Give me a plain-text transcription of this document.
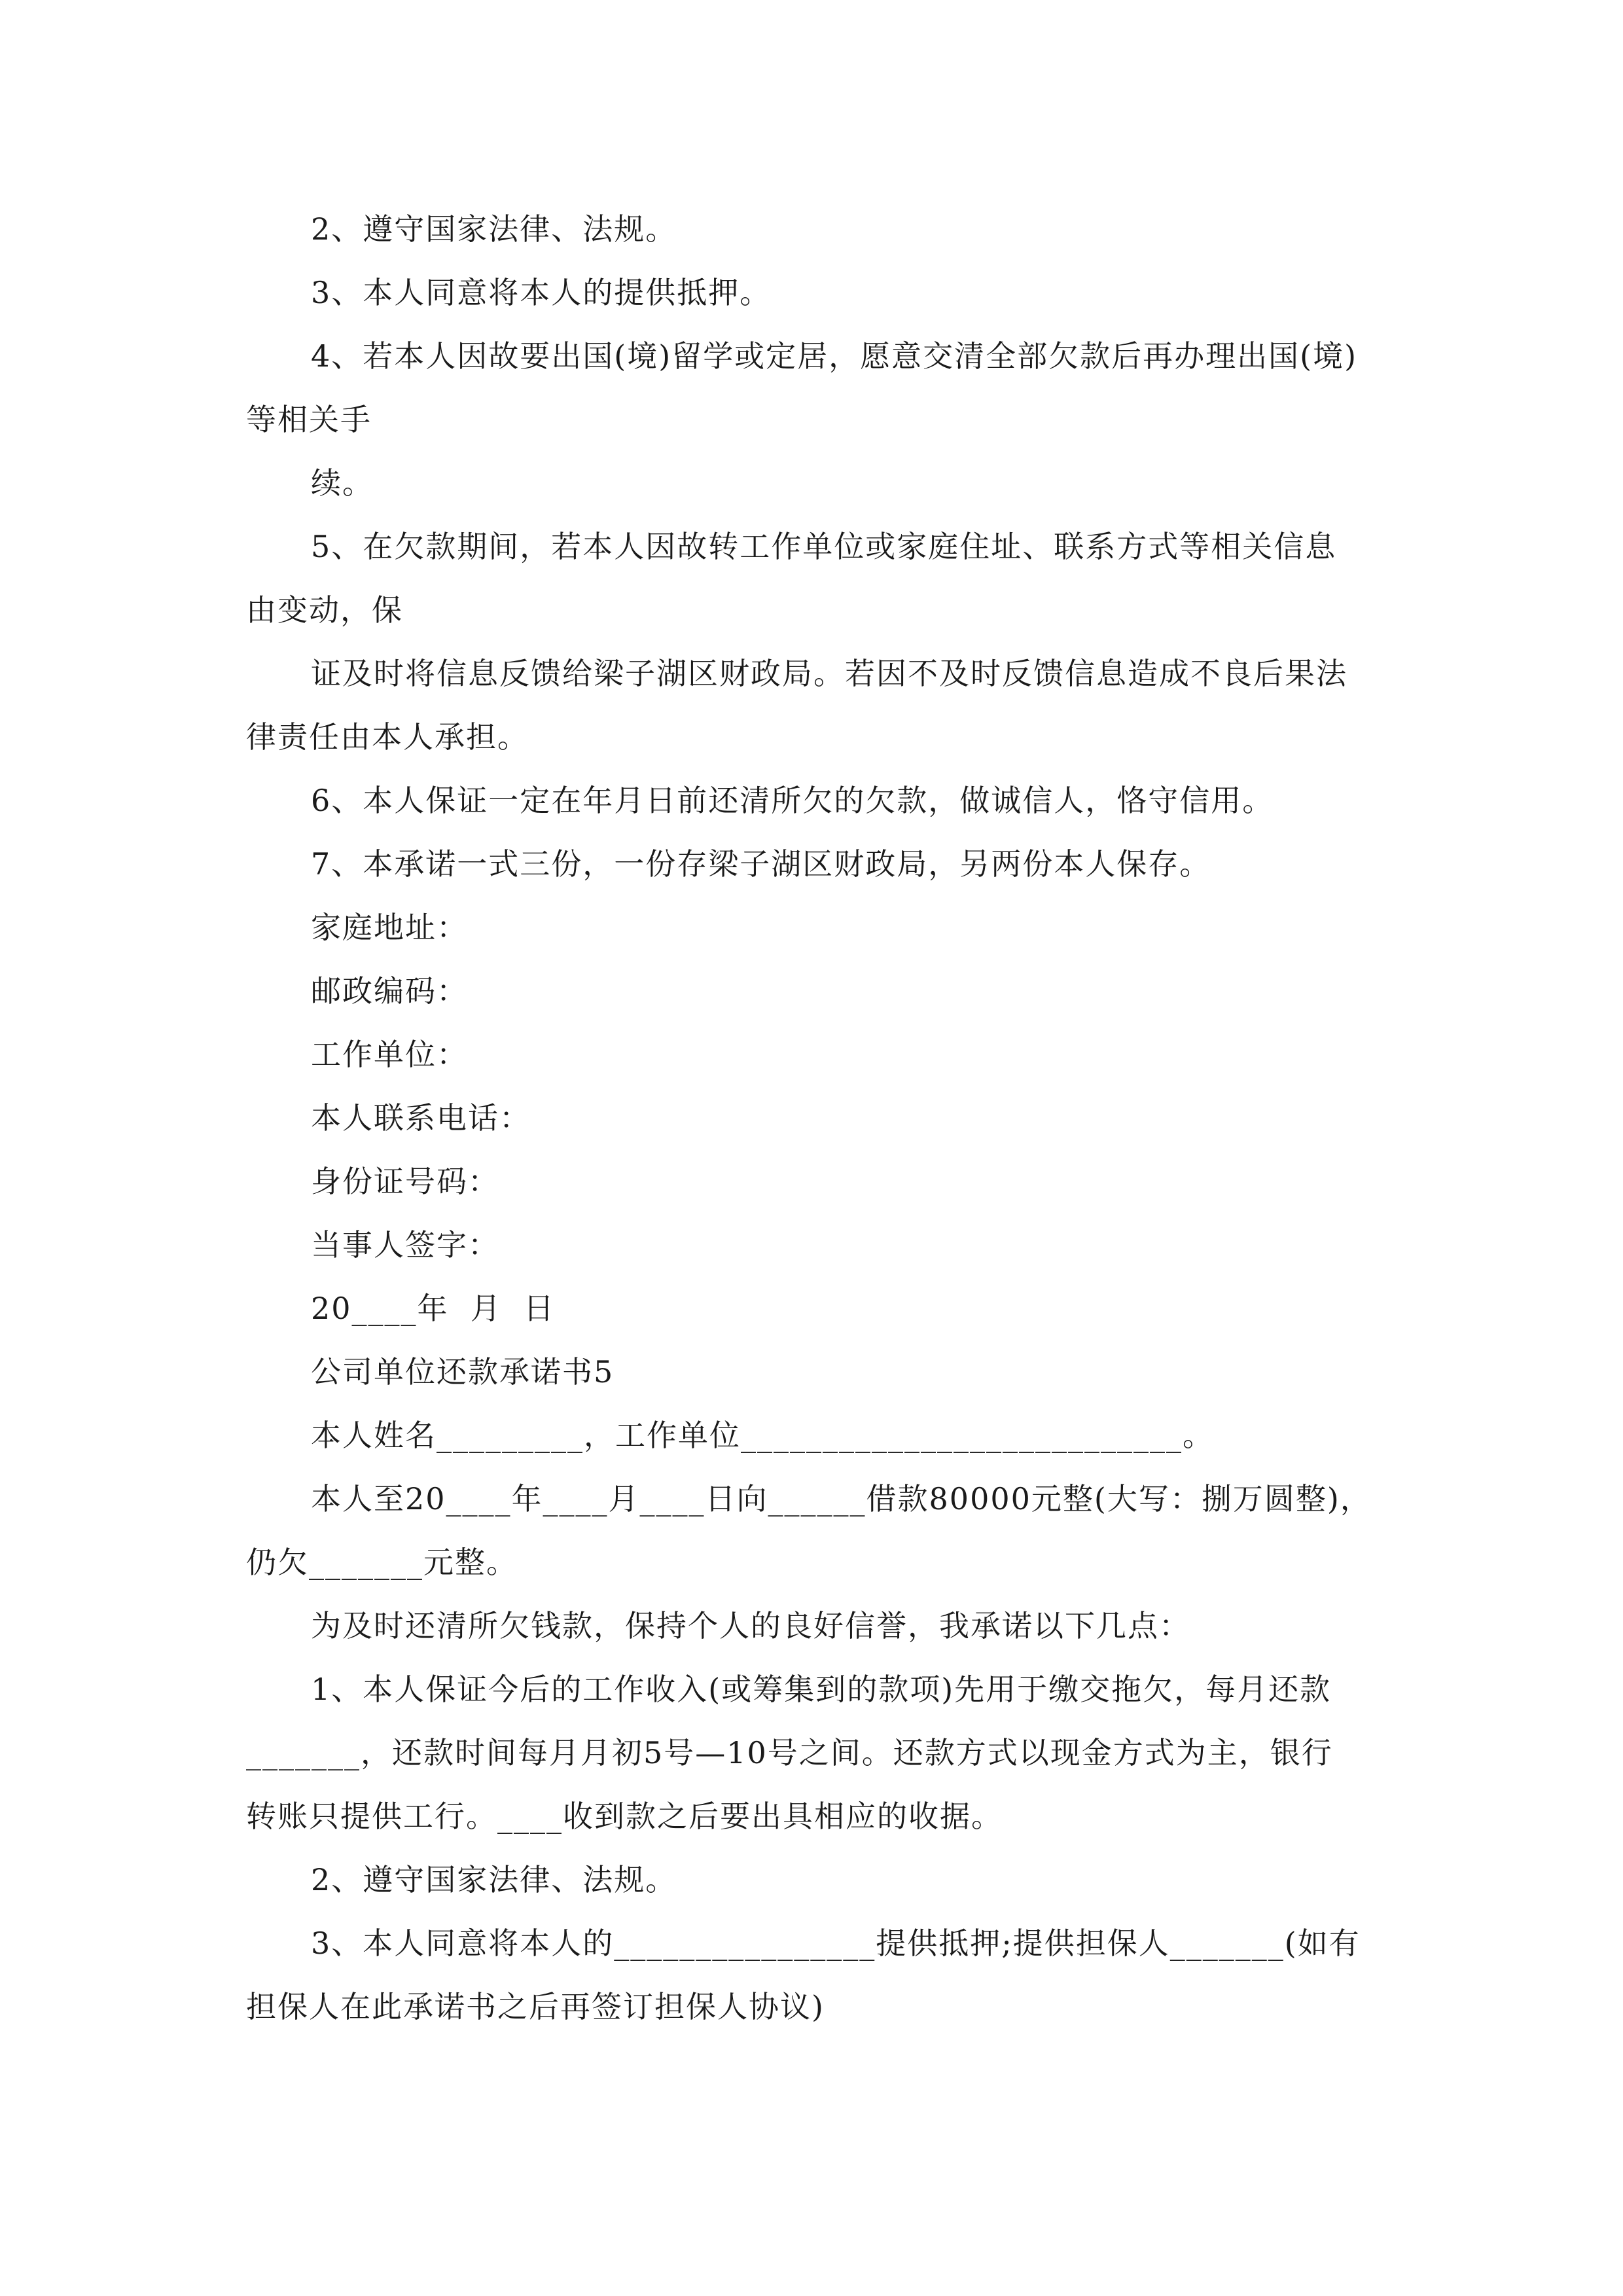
2、遵守国家法律、法规。
3、本人同意将本人的提供抵押。
4、若本人因故要出国(境)留学或定居，愿意交清全部欠款后再办理出国(境)
等相关手
续。
5、在欠款期间，若本人因故转工作单位或家庭住址、联系方式等相关信息
由变动，保
证及时将信息反馈给梁子湖区财政局。若因不及时反馈信息造成不良后果法
律责任由本人承担。
6、本人保证一定在年月日前还清所欠的欠款，做诚信人，恪守信用。
7、本承诺一式三份，一份存梁子湖区财政局，另两份本人保存。
家庭地址：
邮政编码：
工作单位：
本人联系电话：
身份证号码：
当事人签字：
20____年  月  日
公司单位还款承诺书5
本人姓名_________，工作单位___________________________。
本人至20____年____月____日向______借款80000元整(大写：捌万圆整)，
仍欠_______元整。
为及时还清所欠钱款，保持个人的良好信誉，我承诺以下几点：
1、本人保证今后的工作收入(或筹集到的款项)先用于缴交拖欠，每月还款
_______，还款时间每月月初5号—10号之间。还款方式以现金方式为主，银行
转账只提供工行。____收到款之后要出具相应的收据。
2、遵守国家法律、法规。
3、本人同意将本人的________________提供抵押;提供担保人_______(如有
担保人在此承诺书之后再签订担保人协议)
